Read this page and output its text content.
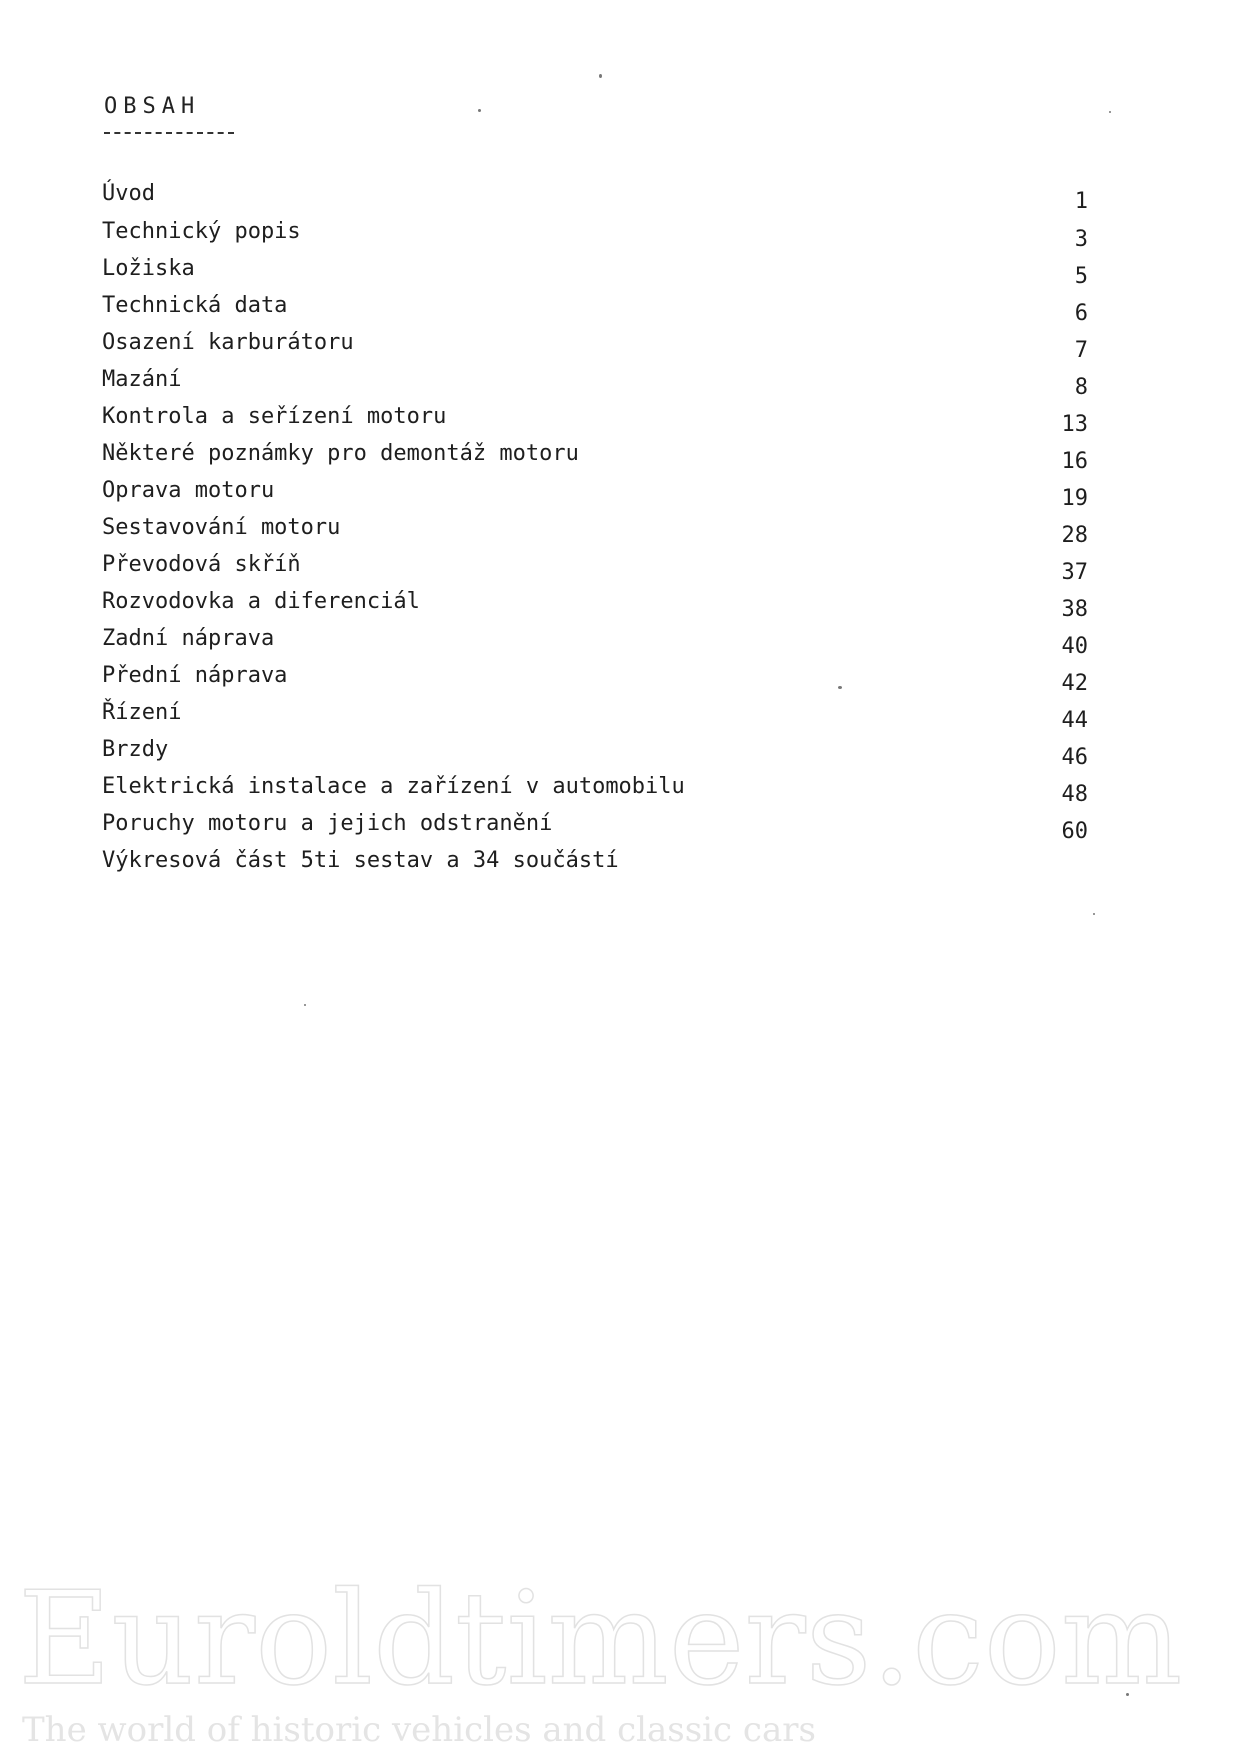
OBSAH
Úvod	1
Technický popis	3
Ložiska	5
Technická data	6
Osazení karburátoru	7
Mazání	8
Kontrola a seřízení motoru	13
Některé poznámky pro demontáž motoru	16
Oprava motoru	19
Sestavování motoru	28
Převodová skříň	37
Rozvodovka a diferenciál	38
Zadní náprava	40
Přední náprava	42
Řízení	44
Brzdy	46
Elektrická instalace a zařízení v automobilu	48
Poruchy motoru a jejich odstranění	60
Výkresová část 5ti sestav a 34 součástí
Euroldtimers.com
The world of historic vehicles and classic cars
